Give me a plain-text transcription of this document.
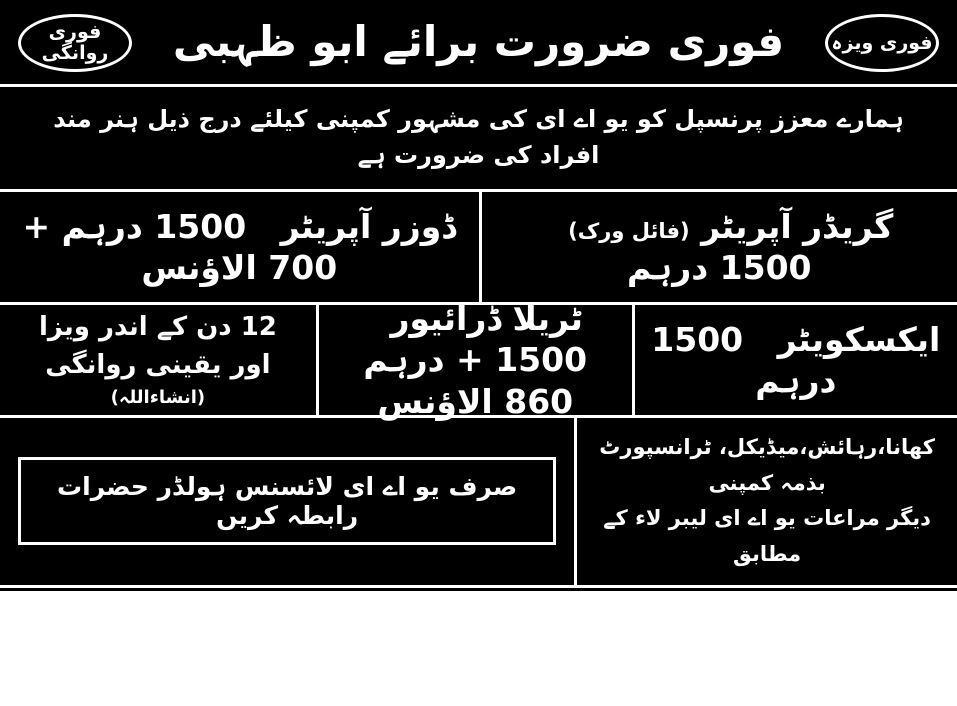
فوری روانگی	فوری ضرورت برائے ابو ظہبی	فوری ویزہ
ہمارے معزز پرنسپل کو یو اے ای کی مشہور کمپنی کیلئے درج ذیل ہنر مند افراد کی ضرورت ہے
گریڈر آپریٹر (فائل ورک)   1500 درہم
ڈوزر آپریٹر   1500 درہم + 700 الاؤنس
ایکسکویٹر   1500 درہم
ٹریلا ڈرائیور   1500 + درہم 860 الاؤنس
12 دن کے اندر ویزا
اور یقینی روانگی
(انشاءاللہ)
کھانا،رہائش،میڈیکل، ٹرانسپورٹ بذمہ کمپنی
دیگر مراعات یو اے ای لیبر لاء کے مطابق
صرف یو اے ای لائسنس ہولڈر حضرات رابطہ کریں
النصر انٹرپرائزز
LIC # 2298/RWP
B-156 انزد چاندنی چوک سیٹلائٹ ٹاؤن راولپنڈی
Tel: 051-4455352
PE (R) # 18995 Dt: 2/05/12
